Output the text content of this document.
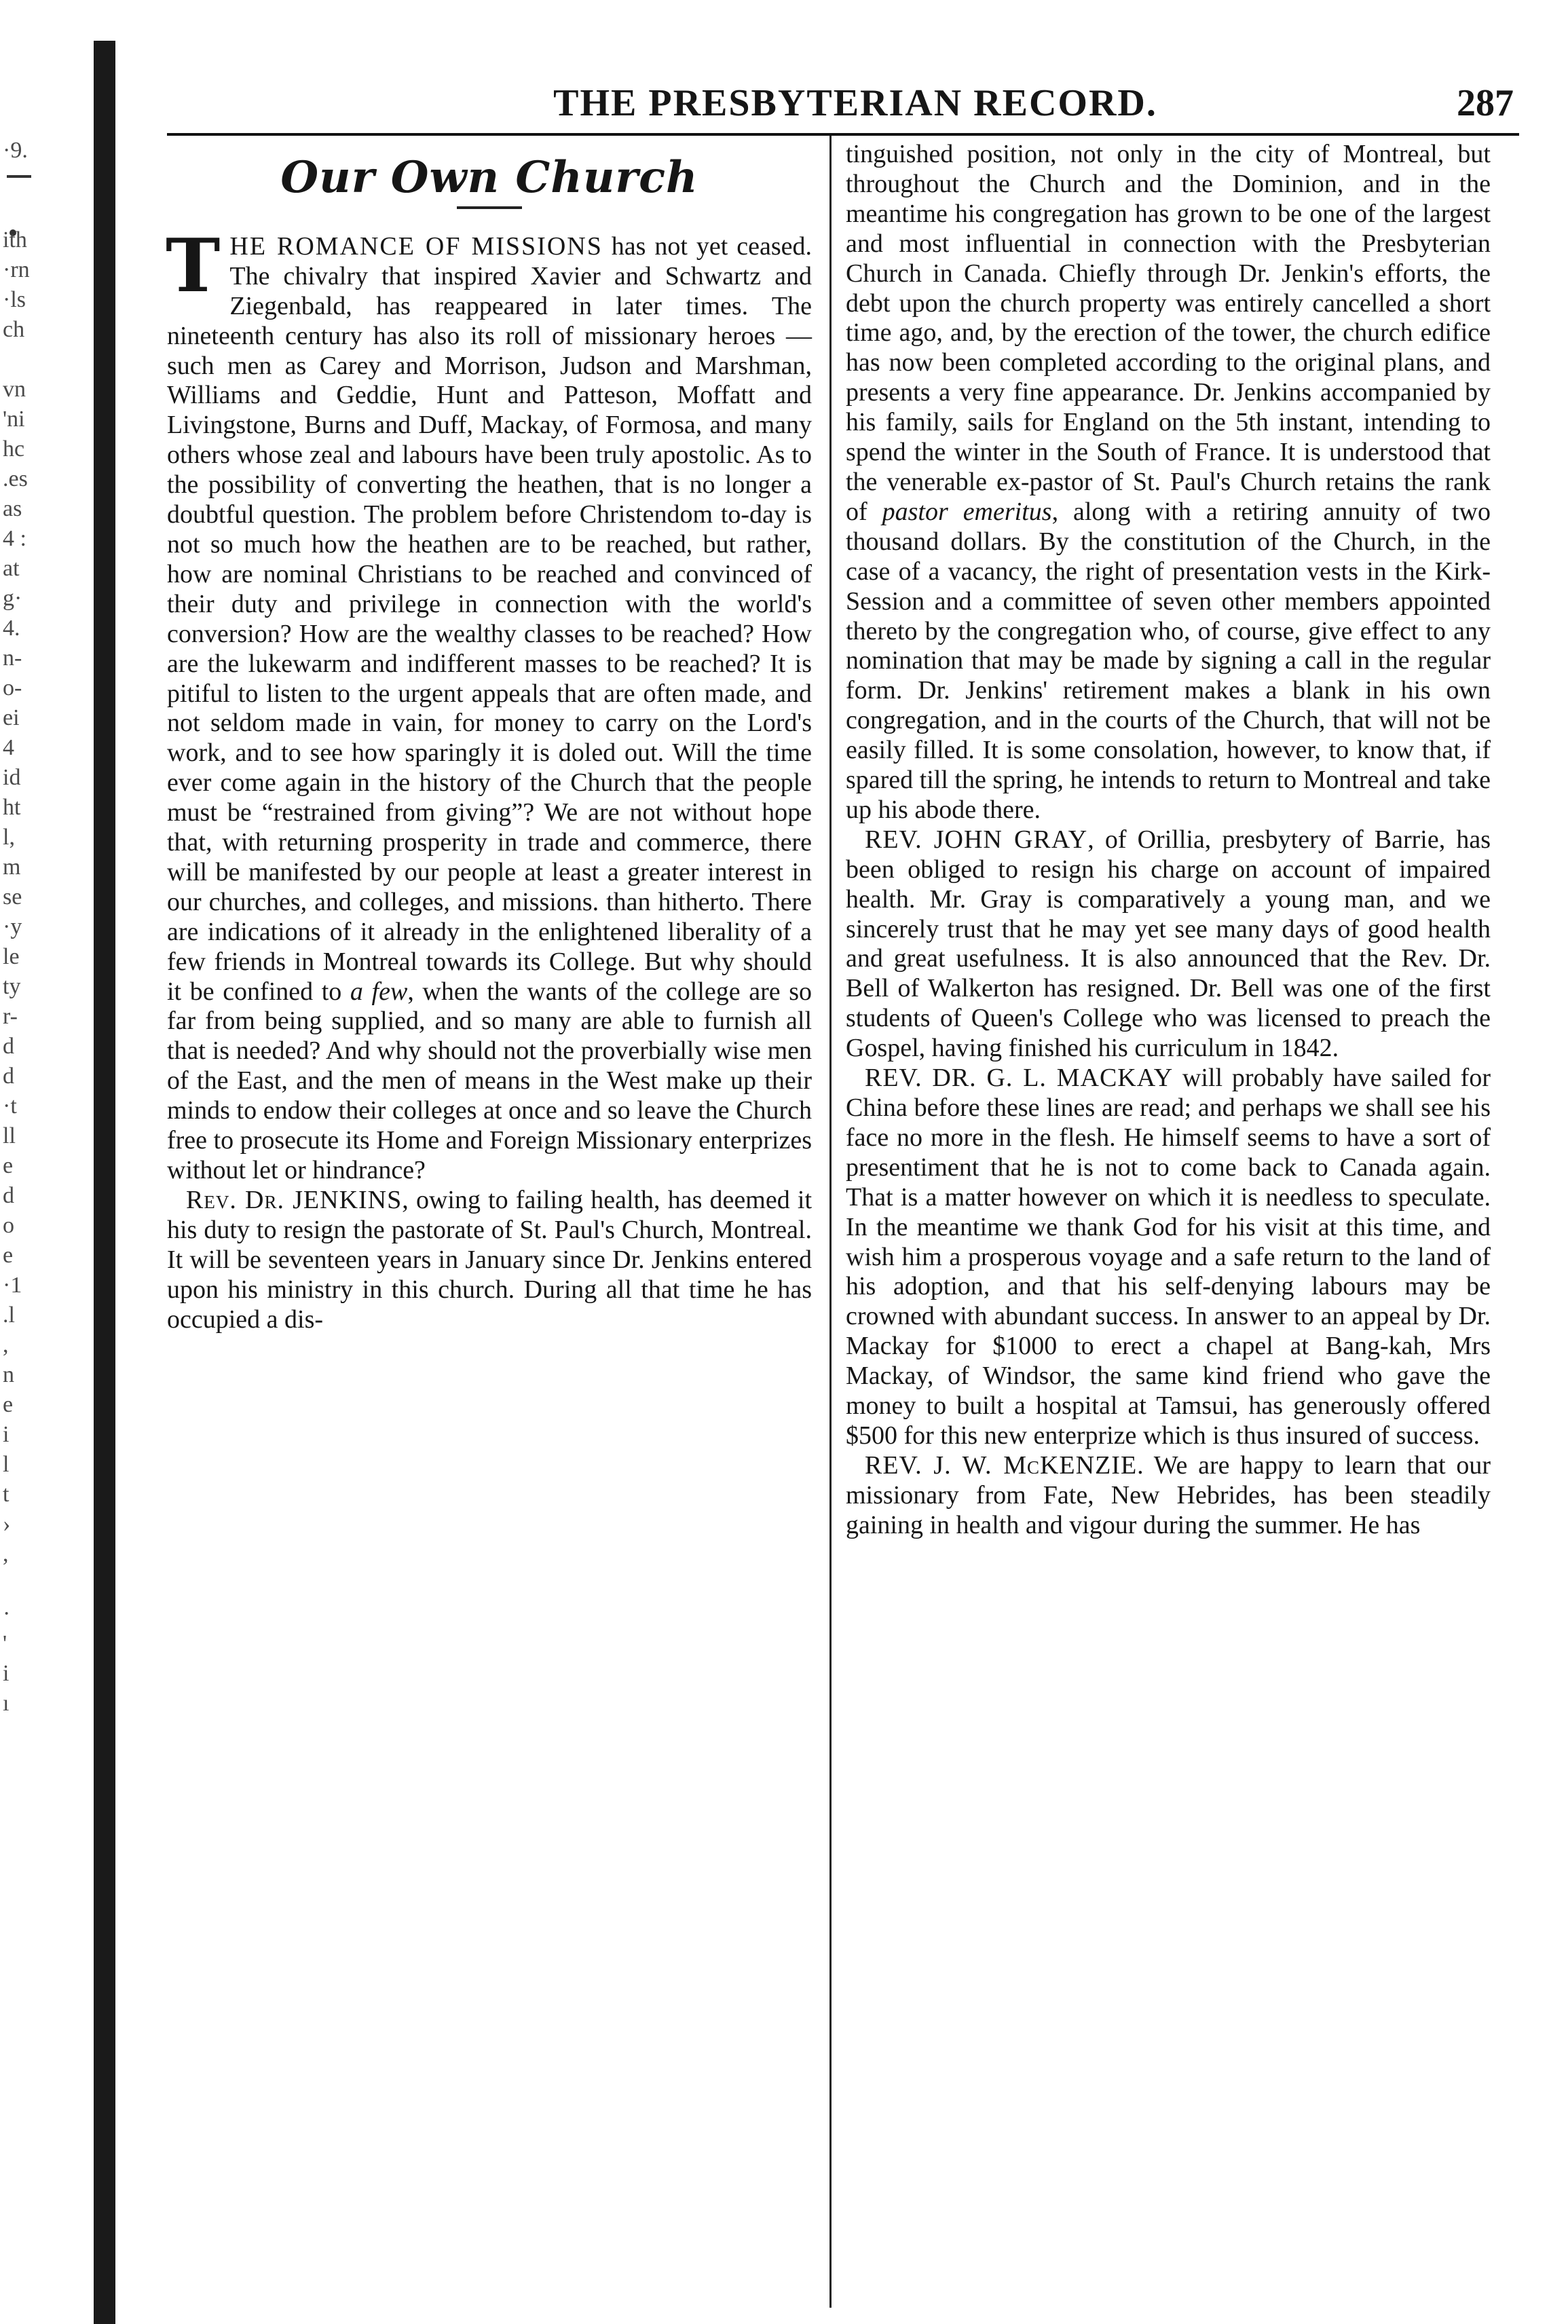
·9.
ith
·rn
·ls
ch
vn
'ni
hc
.es
as
4 :
at
g·
4.
n-
o-
ei
4
id
ht
l,
m
se
·y
le
ty
r-
d
d
·t
ll
e
d
o
e
·1
.l
,
n
e
i
l
t
›
,
·
'
i
ı
THE PRESBYTERIAN RECORD.	287
Our Own Church

THE ROMANCE OF MISSIONS has not yet ceased. The chivalry that inspired Xavier and Schwartz and Ziegenbald, has reappeared in later times. The nineteenth century has also its roll of missionary heroes —such men as Carey and Morrison, Judson and Marshman, Williams and Geddie, Hunt and Patteson, Moffatt and Livingstone, Burns and Duff, Mackay, of Formosa, and many others whose zeal and labours have been truly apostolic. As to the possibility of converting the heathen, that is no longer a doubtful question. The problem before Christendom to-day is not so much how the heathen are to be reached, but rather, how are nominal Christians to be reached and convinced of their duty and privilege in connection with the world's conversion? How are the wealthy classes to be reached? How are the lukewarm and indifferent masses to be reached? It is pitiful to listen to the urgent appeals that are often made, and not seldom made in vain, for money to carry on the Lord's work, and to see how sparingly it is doled out. Will the time ever come again in the history of the Church that the people must be “restrained from giving”? We are not without hope that, with returning prosperity in trade and commerce, there will be manifested by our people at least a greater interest in our churches, and colleges, and missions. than hitherto. There are indications of it already in the enlightened liberality of a few friends in Montreal towards its College. But why should it be confined to a few, when the wants of the college are so far from being supplied, and so many are able to furnish all that is needed? And why should not the proverbially wise men of the East, and the men of means in the West make up their minds to endow their colleges at once and so leave the Church free to prosecute its Home and Foreign Missionary enterprizes without let or hindrance?

Rev. Dr. JENKINS, owing to failing health, has deemed it his duty to resign the pastorate of St. Paul's Church, Montreal. It will be seventeen years in January since Dr. Jenkins entered upon his ministry in this church. During all that time he has occupied a dis-

tinguished position, not only in the city of Montreal, but throughout the Church and the Dominion, and in the meantime his congregation has grown to be one of the largest and most influential in connection with the Presbyterian Church in Canada. Chiefly through Dr. Jenkin's efforts, the debt upon the church property was entirely cancelled a short time ago, and, by the erection of the tower, the church edifice has now been completed according to the original plans, and presents a very fine appearance. Dr. Jenkins accompanied by his family, sails for England on the 5th instant, intending to spend the winter in the South of France. It is understood that the venerable ex-pastor of St. Paul's Church retains the rank of pastor emeritus, along with a retiring annuity of two thousand dollars. By the constitution of the Church, in the case of a vacancy, the right of presentation vests in the Kirk-Session and a committee of seven other members appointed thereto by the congregation who, of course, give effect to any nomination that may be made by signing a call in the regular form. Dr. Jenkins' retirement makes a blank in his own congregation, and in the courts of the Church, that will not be easily filled. It is some consolation, however, to know that, if spared till the spring, he intends to return to Montreal and take up his abode there.

REV. JOHN GRAY, of Orillia, presbytery of Barrie, has been obliged to resign his charge on account of impaired health. Mr. Gray is comparatively a young man, and we sincerely trust that he may yet see many days of good health and great usefulness. It is also announced that the Rev. Dr. Bell of Walkerton has resigned. Dr. Bell was one of the first students of Queen's College who was licensed to preach the Gospel, having finished his curriculum in 1842.

REV. DR. G. L. MACKAY will probably have sailed for China before these lines are read; and perhaps we shall see his face no more in the flesh. He himself seems to have a sort of presentiment that he is not to come back to Canada again. That is a matter however on which it is needless to speculate. In the meantime we thank God for his visit at this time, and wish him a prosperous voyage and a safe return to the land of his adoption, and that his self-denying labours may be crowned with abundant success. In answer to an appeal by Dr. Mackay for $1000 to erect a chapel at Bang-kah, Mrs Mackay, of Windsor, the same kind friend who gave the money to built a hospital at Tamsui, has generously offered $500 for this new enterprize which is thus insured of success.

REV. J. W. McKENZIE. We are happy to learn that our missionary from Fate, New Hebrides, has been steadily gaining in health and vigour during the summer. He has
